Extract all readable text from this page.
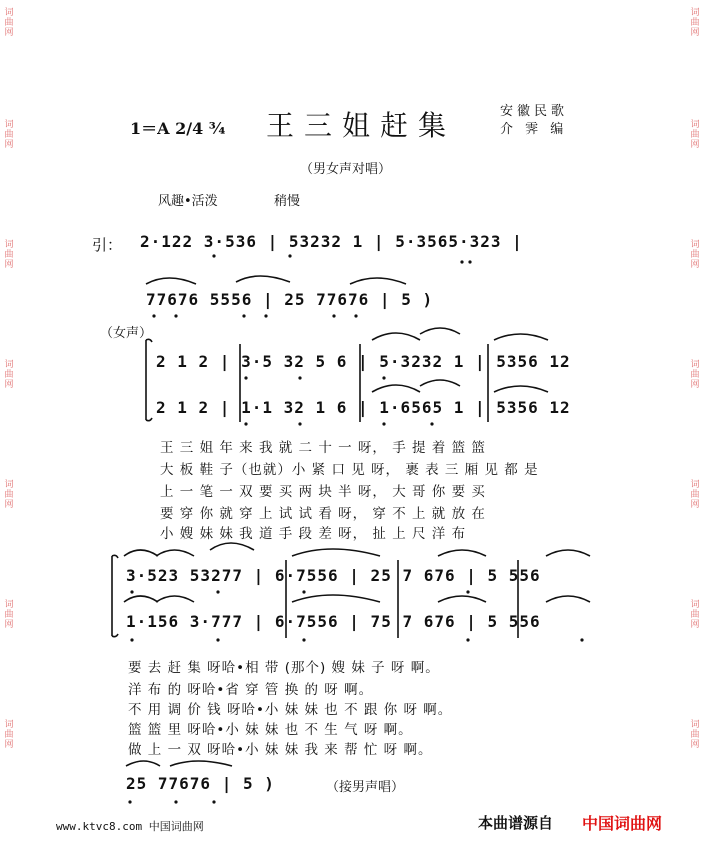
词
曲
网
词
曲
网
词
曲
网
词
曲
网
词
曲
网
词
曲
网
词
曲
网
词
曲
网
词
曲
网
词
曲
网
词
曲
网
词
曲
网
词
曲
网
词
曲
网
1＝A 2/4 ¾ 王三姐赶集	安徽民歌
介 霁 编
（男女声对唱）
风趣•活泼	稍慢
引： 2·122 3·536 | 53232 1 | 5·3565·323 |
77676 5556 | 25 77676 | 5 )
（女声）
2 1 2 | 3·5 32 5 6 | 5·3232 1 | 5356 12
2 1 2 | 1·1 32 1 6 | 1·6565 1 | 5356 12
王 三 姐 年 来 我 就 二 十 一 呀， 手 提 着 篮 篮
大 板 鞋 子（也就）小 紧 口 见 呀， 裹 表 三 厢 见 都 是
上 一 笔 一 双 要 买 两 块 半 呀， 大 哥 你 要 买
要 穿 你 就 穿 上 试 试 看 呀， 穿 不 上 就 放 在
小 嫂 妹 妹 我 道 手 段 差 呀， 扯 上 尺 洋 布
3·523 53277 | 6·7556 | 25 7 676 | 5 556
1·156 3·777 | 6·7556 | 75 7 676 | 5 556
要 去 赶 集 呀哈•相 带 (那个) 嫂 妹 子 呀 啊。
洋 布 的 呀哈•省 穿 管 换 的 呀 啊。
不 用 调 价 钱 呀哈•小 妹 妹 也 不 跟 你 呀 啊。
篮 篮 里 呀哈•小 妹 妹 也 不 生 气 呀 啊。
做 上 一 双 呀哈•小 妹 妹 我 来 帮 忙 呀 啊。
25 77676 | 5 )	（接男声唱）
www.ktvc8.com 中国词曲网	本曲谱源自 中国词曲网
